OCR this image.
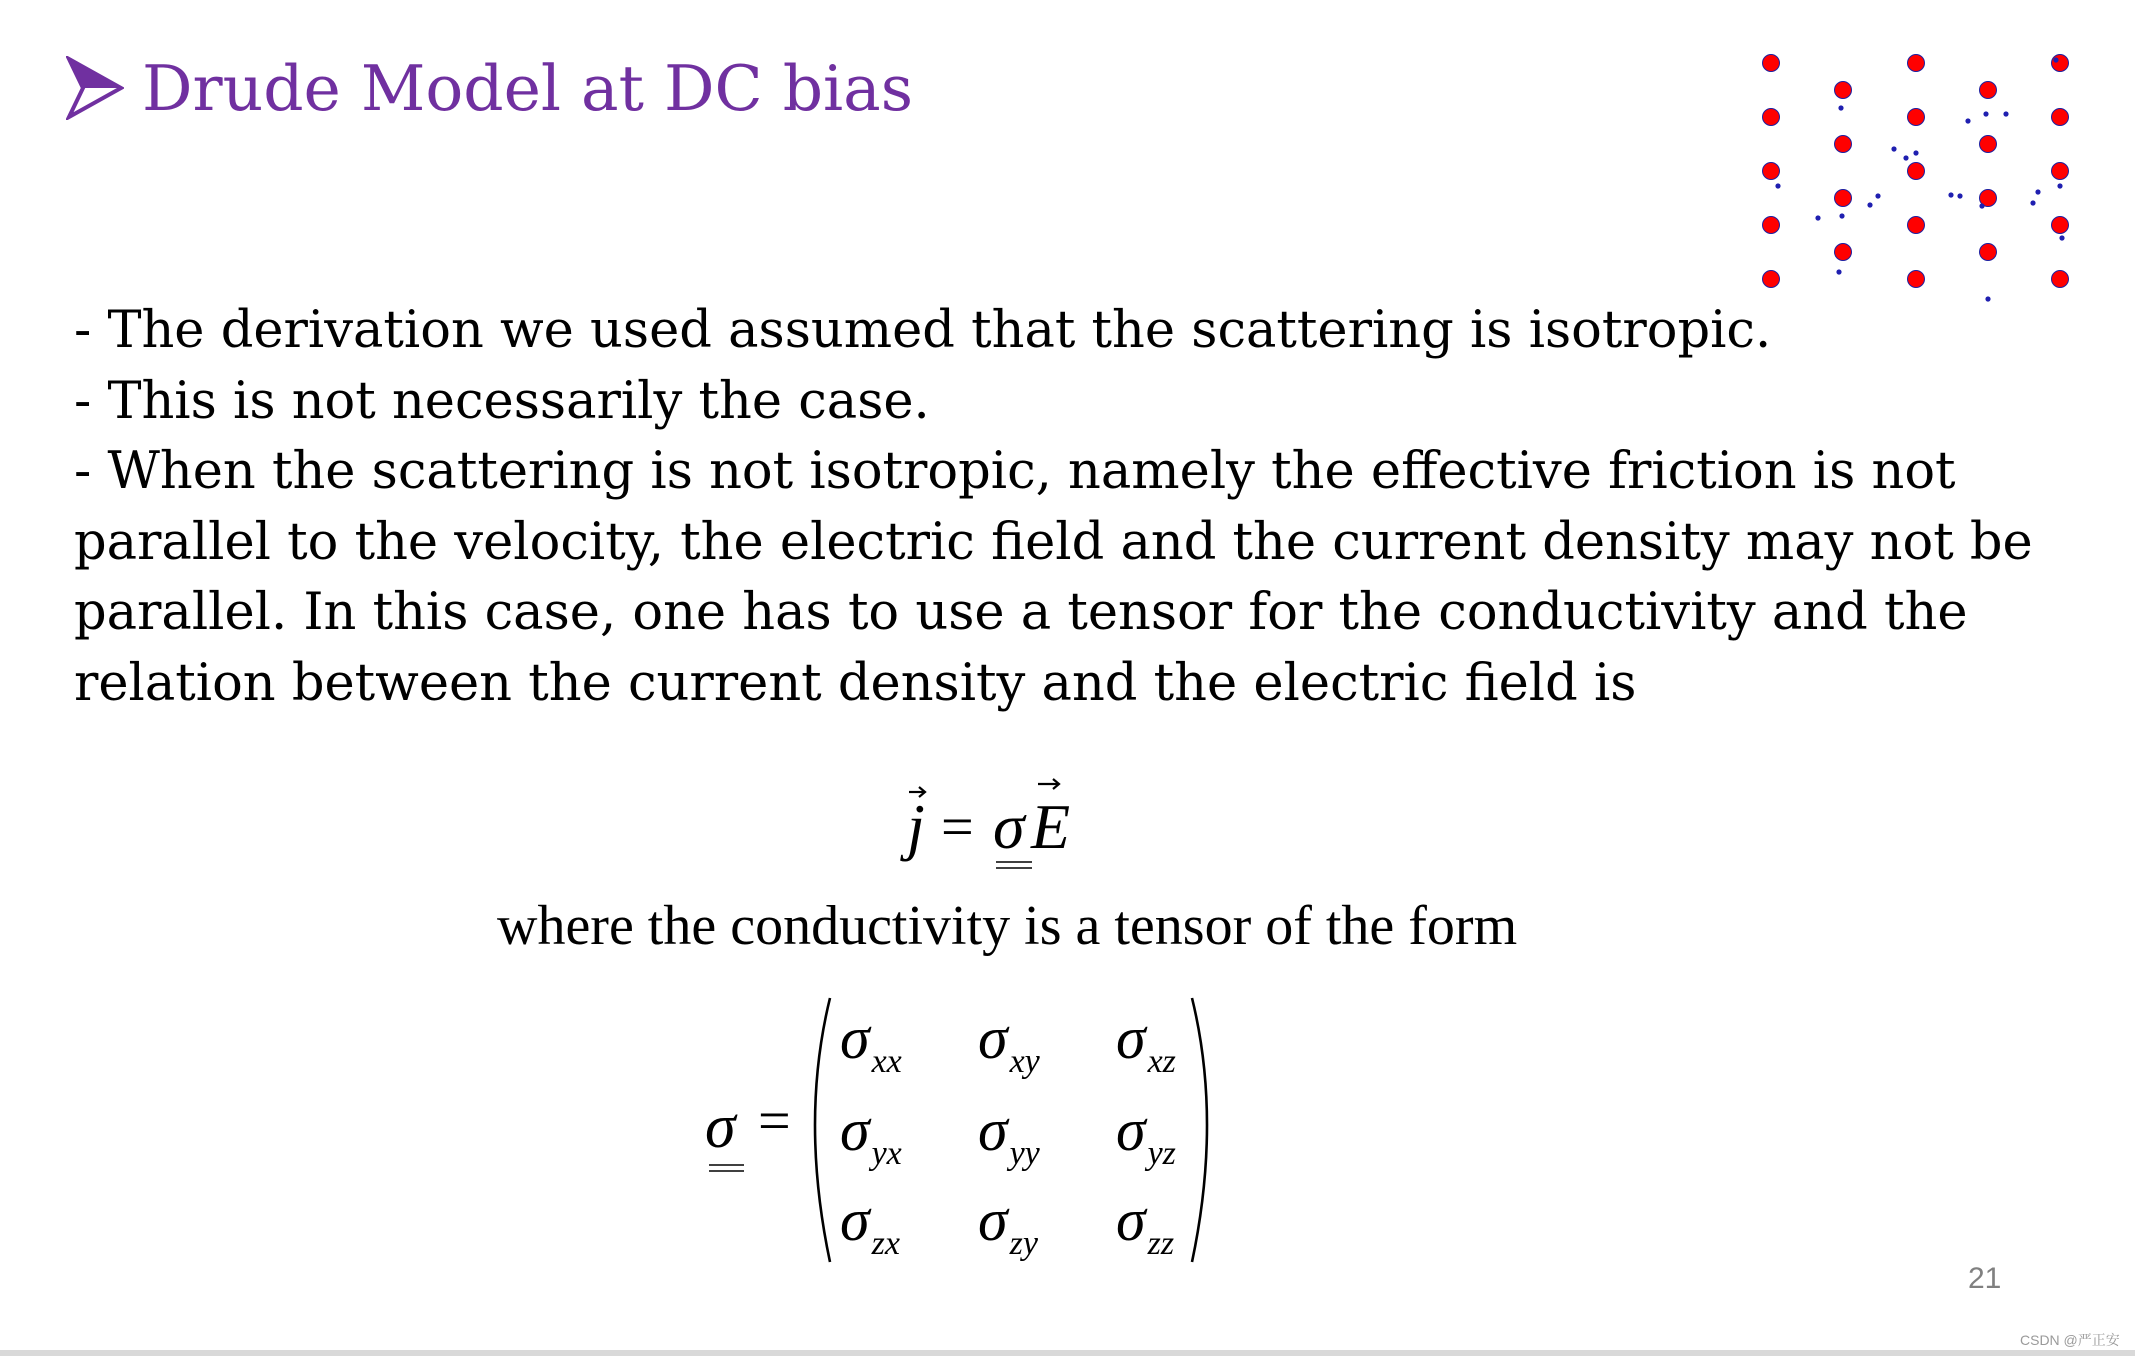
Drude Model at DC bias
- The derivation we used assumed that the scattering is isotropic.
- This is not necessarily the case.
- When the scattering is not isotropic, namely the effective friction is not
parallel to the velocity, the electric field and the current density may not be
parallel. In this case, one has to use a tensor for the conductivity and the
relation between the current density and the electric field is
j E
σ
=
where the conductivity is a tensor of the form
σ =
$\sigma_{xx}$ $\sigma_{xy}$ $\sigma_{xz}$
$\sigma_{yx}$ $\sigma_{yy}$ $\sigma_{yz}$
$\sigma_{zx}$ $\sigma_{zy}$ $\sigma_{zz}$
21
CSDN @严正安
